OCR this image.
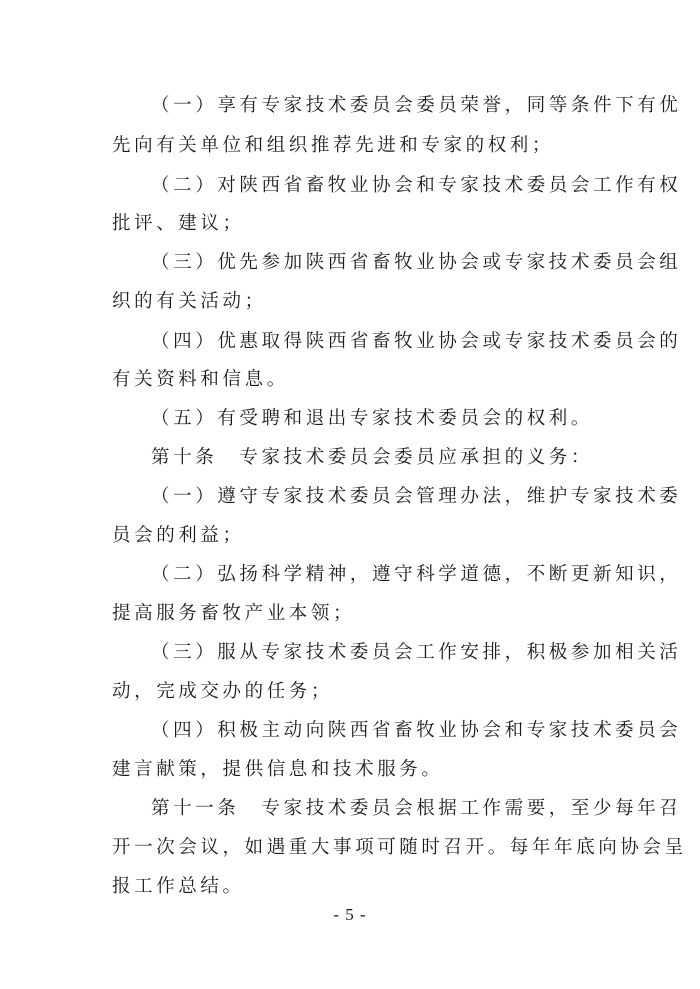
（一）享有专家技术委员会委员荣誉，同等条件下有优
先向有关单位和组织推荐先进和专家的权利；
（二）对陕西省畜牧业协会和专家技术委员会工作有权
批评、建议；
（三）优先参加陕西省畜牧业协会或专家技术委员会组
织的有关活动；
（四）优惠取得陕西省畜牧业协会或专家技术委员会的
有关资料和信息。
（五）有受聘和退出专家技术委员会的权利。
第十条　专家技术委员会委员应承担的义务：
（一）遵守专家技术委员会管理办法，维护专家技术委
员会的利益；
（二）弘扬科学精神，遵守科学道德，不断更新知识，
提高服务畜牧产业本领；
（三）服从专家技术委员会工作安排，积极参加相关活
动，完成交办的任务；
（四）积极主动向陕西省畜牧业协会和专家技术委员会
建言献策，提供信息和技术服务。
第十一条　专家技术委员会根据工作需要，至少每年召
开一次会议，如遇重大事项可随时召开。每年年底向协会呈
报工作总结。
- 5 -
